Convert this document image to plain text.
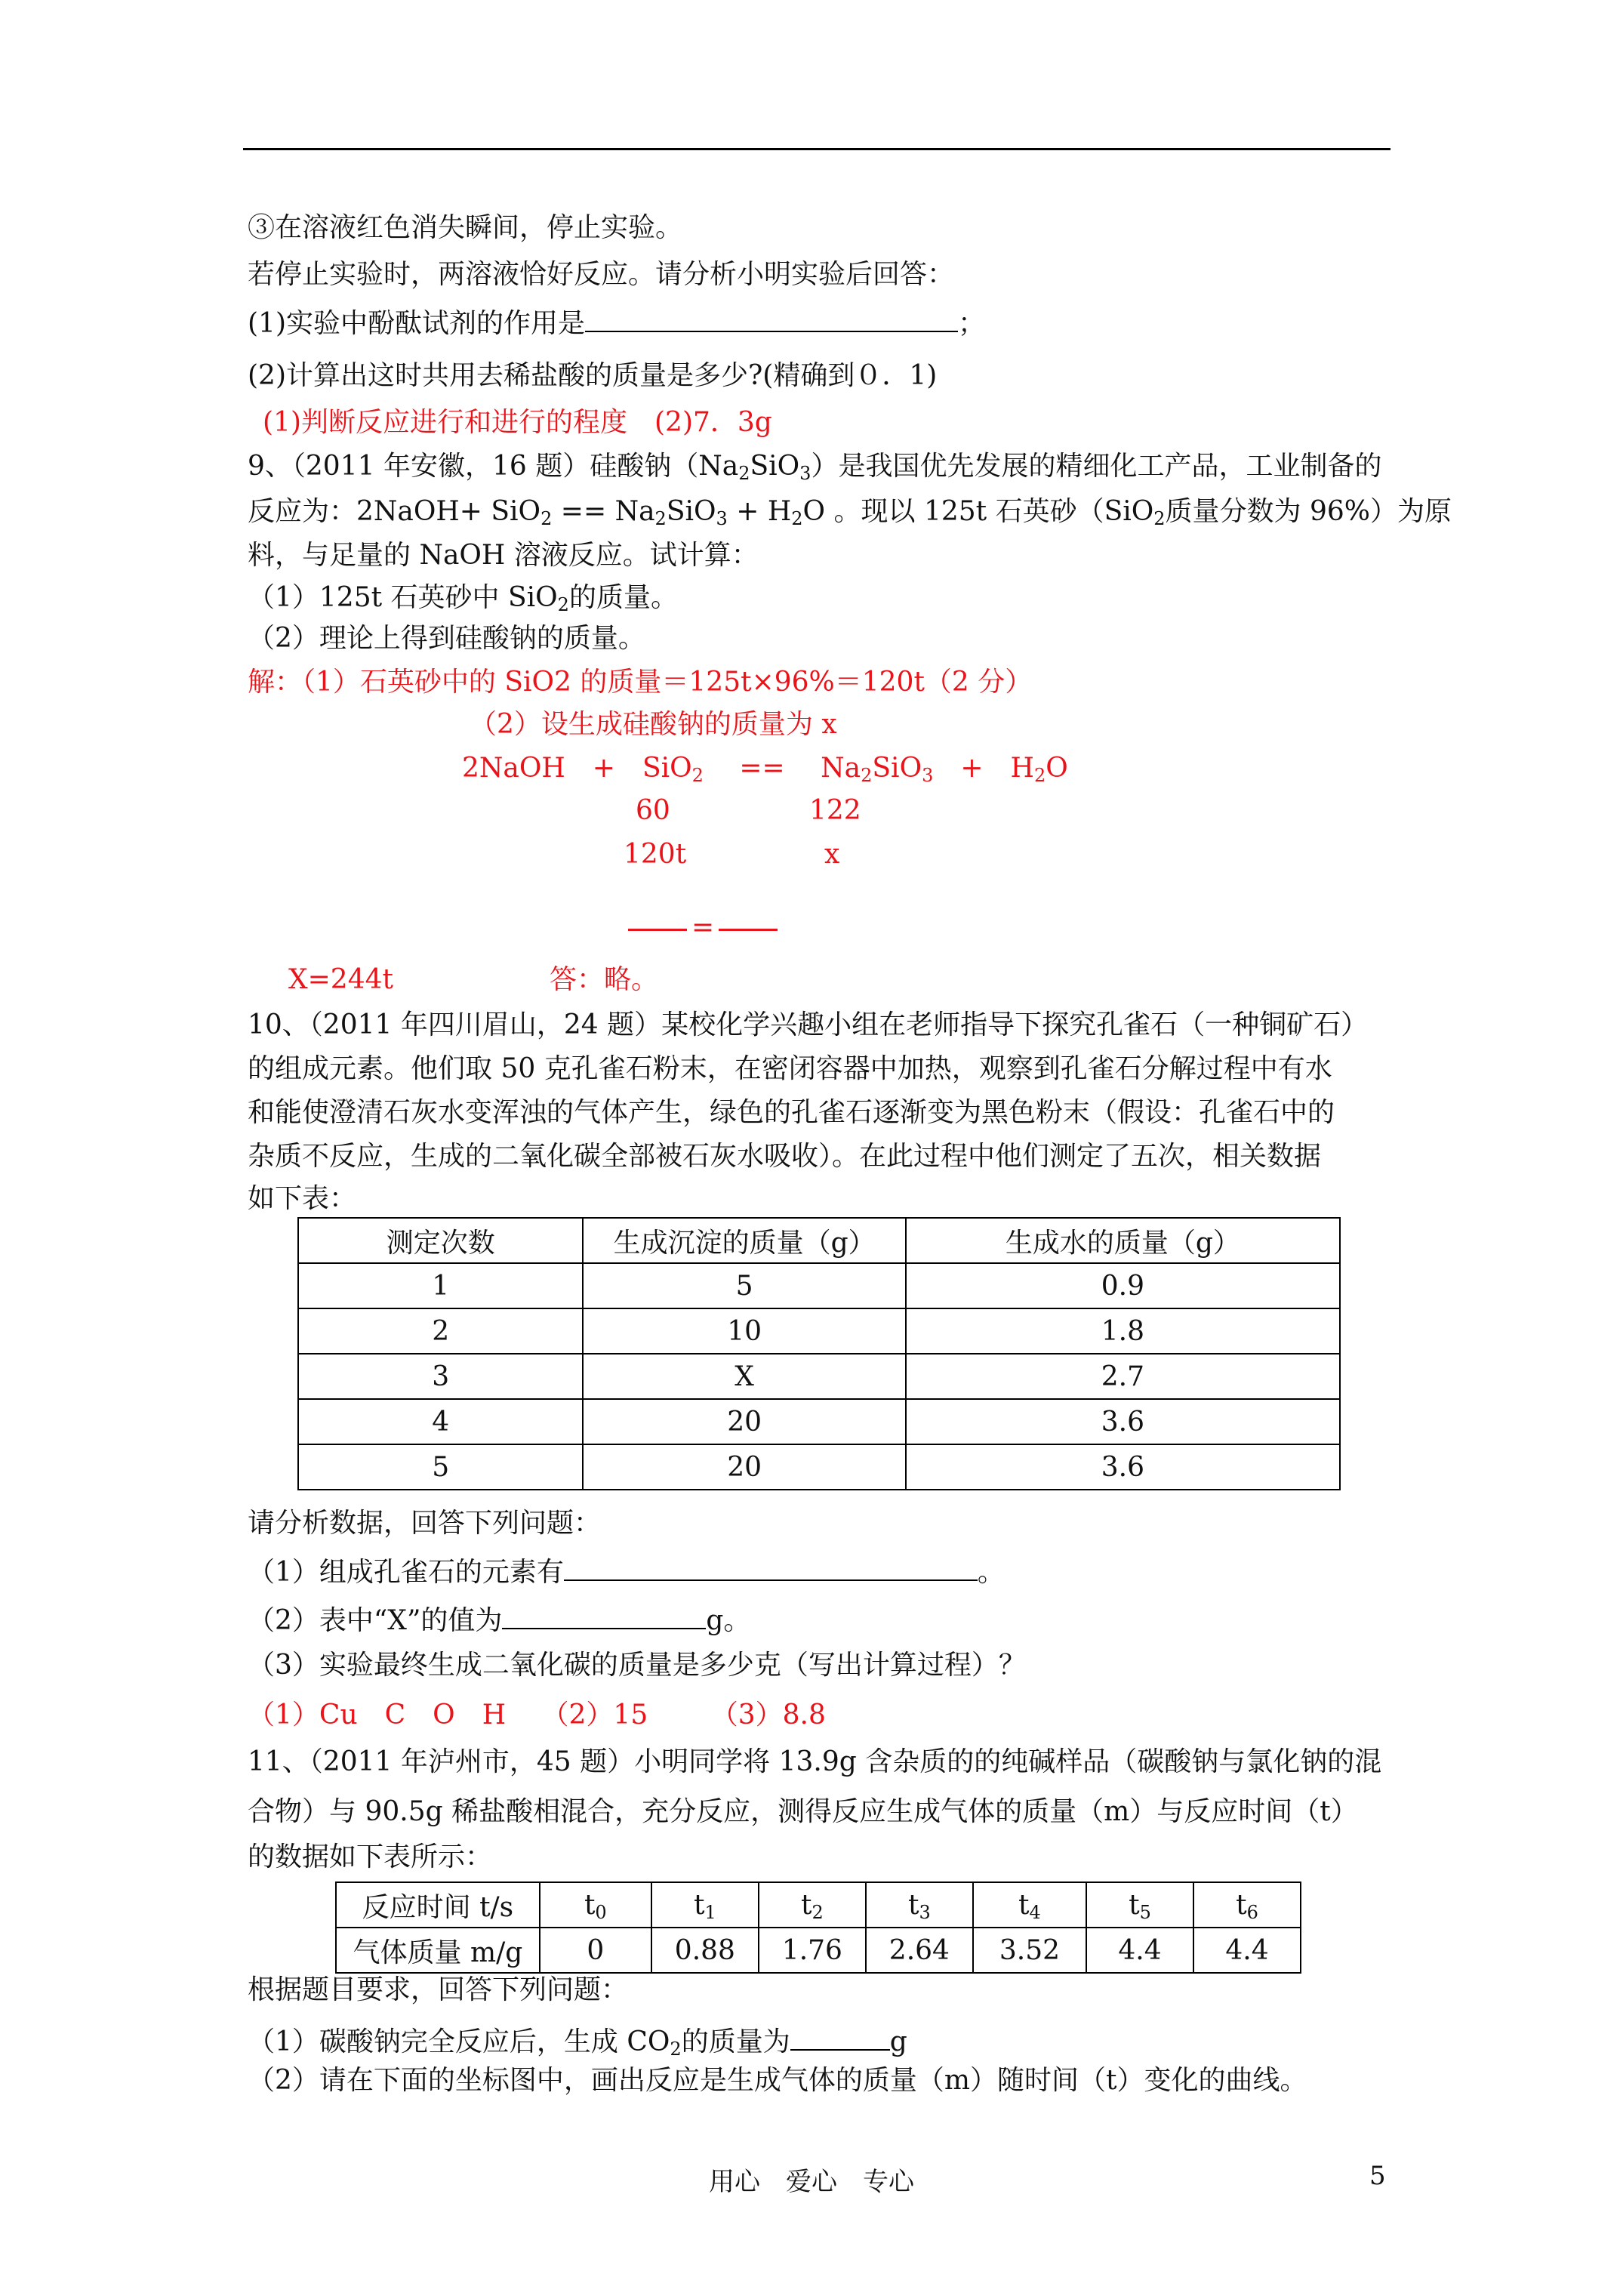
③在溶液红色消失瞬间，停止实验。
若停止实验时，两溶液恰好反应。请分析小明实验后回答：
(1)实验中酚酞试剂的作用是	；
(2)计算出这时共用去稀盐酸的质量是多少?(精确到０．1)
(1)判断反应进行和进行的程度　(2)7．3g
9、（2011 年安徽，16 题）硅酸钠$(Na_2SiO_3)$是我国优先发展的精细化工产品，工业制备的
反应为：2NaOH+ $SiO_2 == Na_2SiO_3 + H_2O$ 。现以 125t 石英砂（SiO$_2$质量分数为 96%）为原
料，与足量的 NaOH 溶液反应。试计算：
（1）125t 石英砂中 SiO$_2$的质量。
（2）理论上得到硅酸钠的质量。
解：（1）石英砂中的 SiO2 的质量＝125t×96%＝120t（2 分）
（2）设生成硅酸钠的质量为 x
2NaOH　+　SiO$_2$　 ==　 $Na_2SiO_3$　+　$H_2O$
60	122
120t	x
=
X=244t	答：略。
10、（2011 年四川眉山，24 题）某校化学兴趣小组在老师指导下探究孔雀石（一种铜矿石）
的组成元素。他们取 50 克孔雀石粉末，在密闭容器中加热，观察到孔雀石分解过程中有水
和能使澄清石灰水变浑浊的气体产生，绿色的孔雀石逐渐变为黑色粉末（假设：孔雀石中的
杂质不反应，生成的二氧化碳全部被石灰水吸收）。在此过程中他们测定了五次，相关数据
如下表：
测定次数	生成沉淀的质量（g）	生成水的质量（g）
1	5	0.9
2	10	1.8
3	X	2.7
4	20	3.6
5	20	3.6
请分析数据，回答下列问题：
（1）组成孔雀石的元素有	。
（2）表中“X”的值为	g。
（3）实验最终生成二氧化碳的质量是多少克（写出计算过程）？
（1）Cu　C　O　H　 （2）15　　 （3）8.8
11、（2011 年泸州市，45 题）小明同学将 13.9g 含杂质的的纯碱样品（碳酸钠与氯化钠的混
合物）与 90.5g 稀盐酸相混合，充分反应，测得反应生成气体的质量（m）与反应时间（t）
的数据如下表所示：
反应时间 t/s	$t_0$	$t_1$	$t_2$	$t_3$	$t_4$	$t_5$	$t_6$
气体质量 m/g	0	0.88	1.76	2.64	3.52	4.4	4.4
根据题目要求，回答下列问题：
（1）碳酸钠完全反应后，生成 $CO_2$的质量为	g
（2）请在下面的坐标图中，画出反应是生成气体的质量（m）随时间（t）变化的曲线。
用心　爱心　专心	5
